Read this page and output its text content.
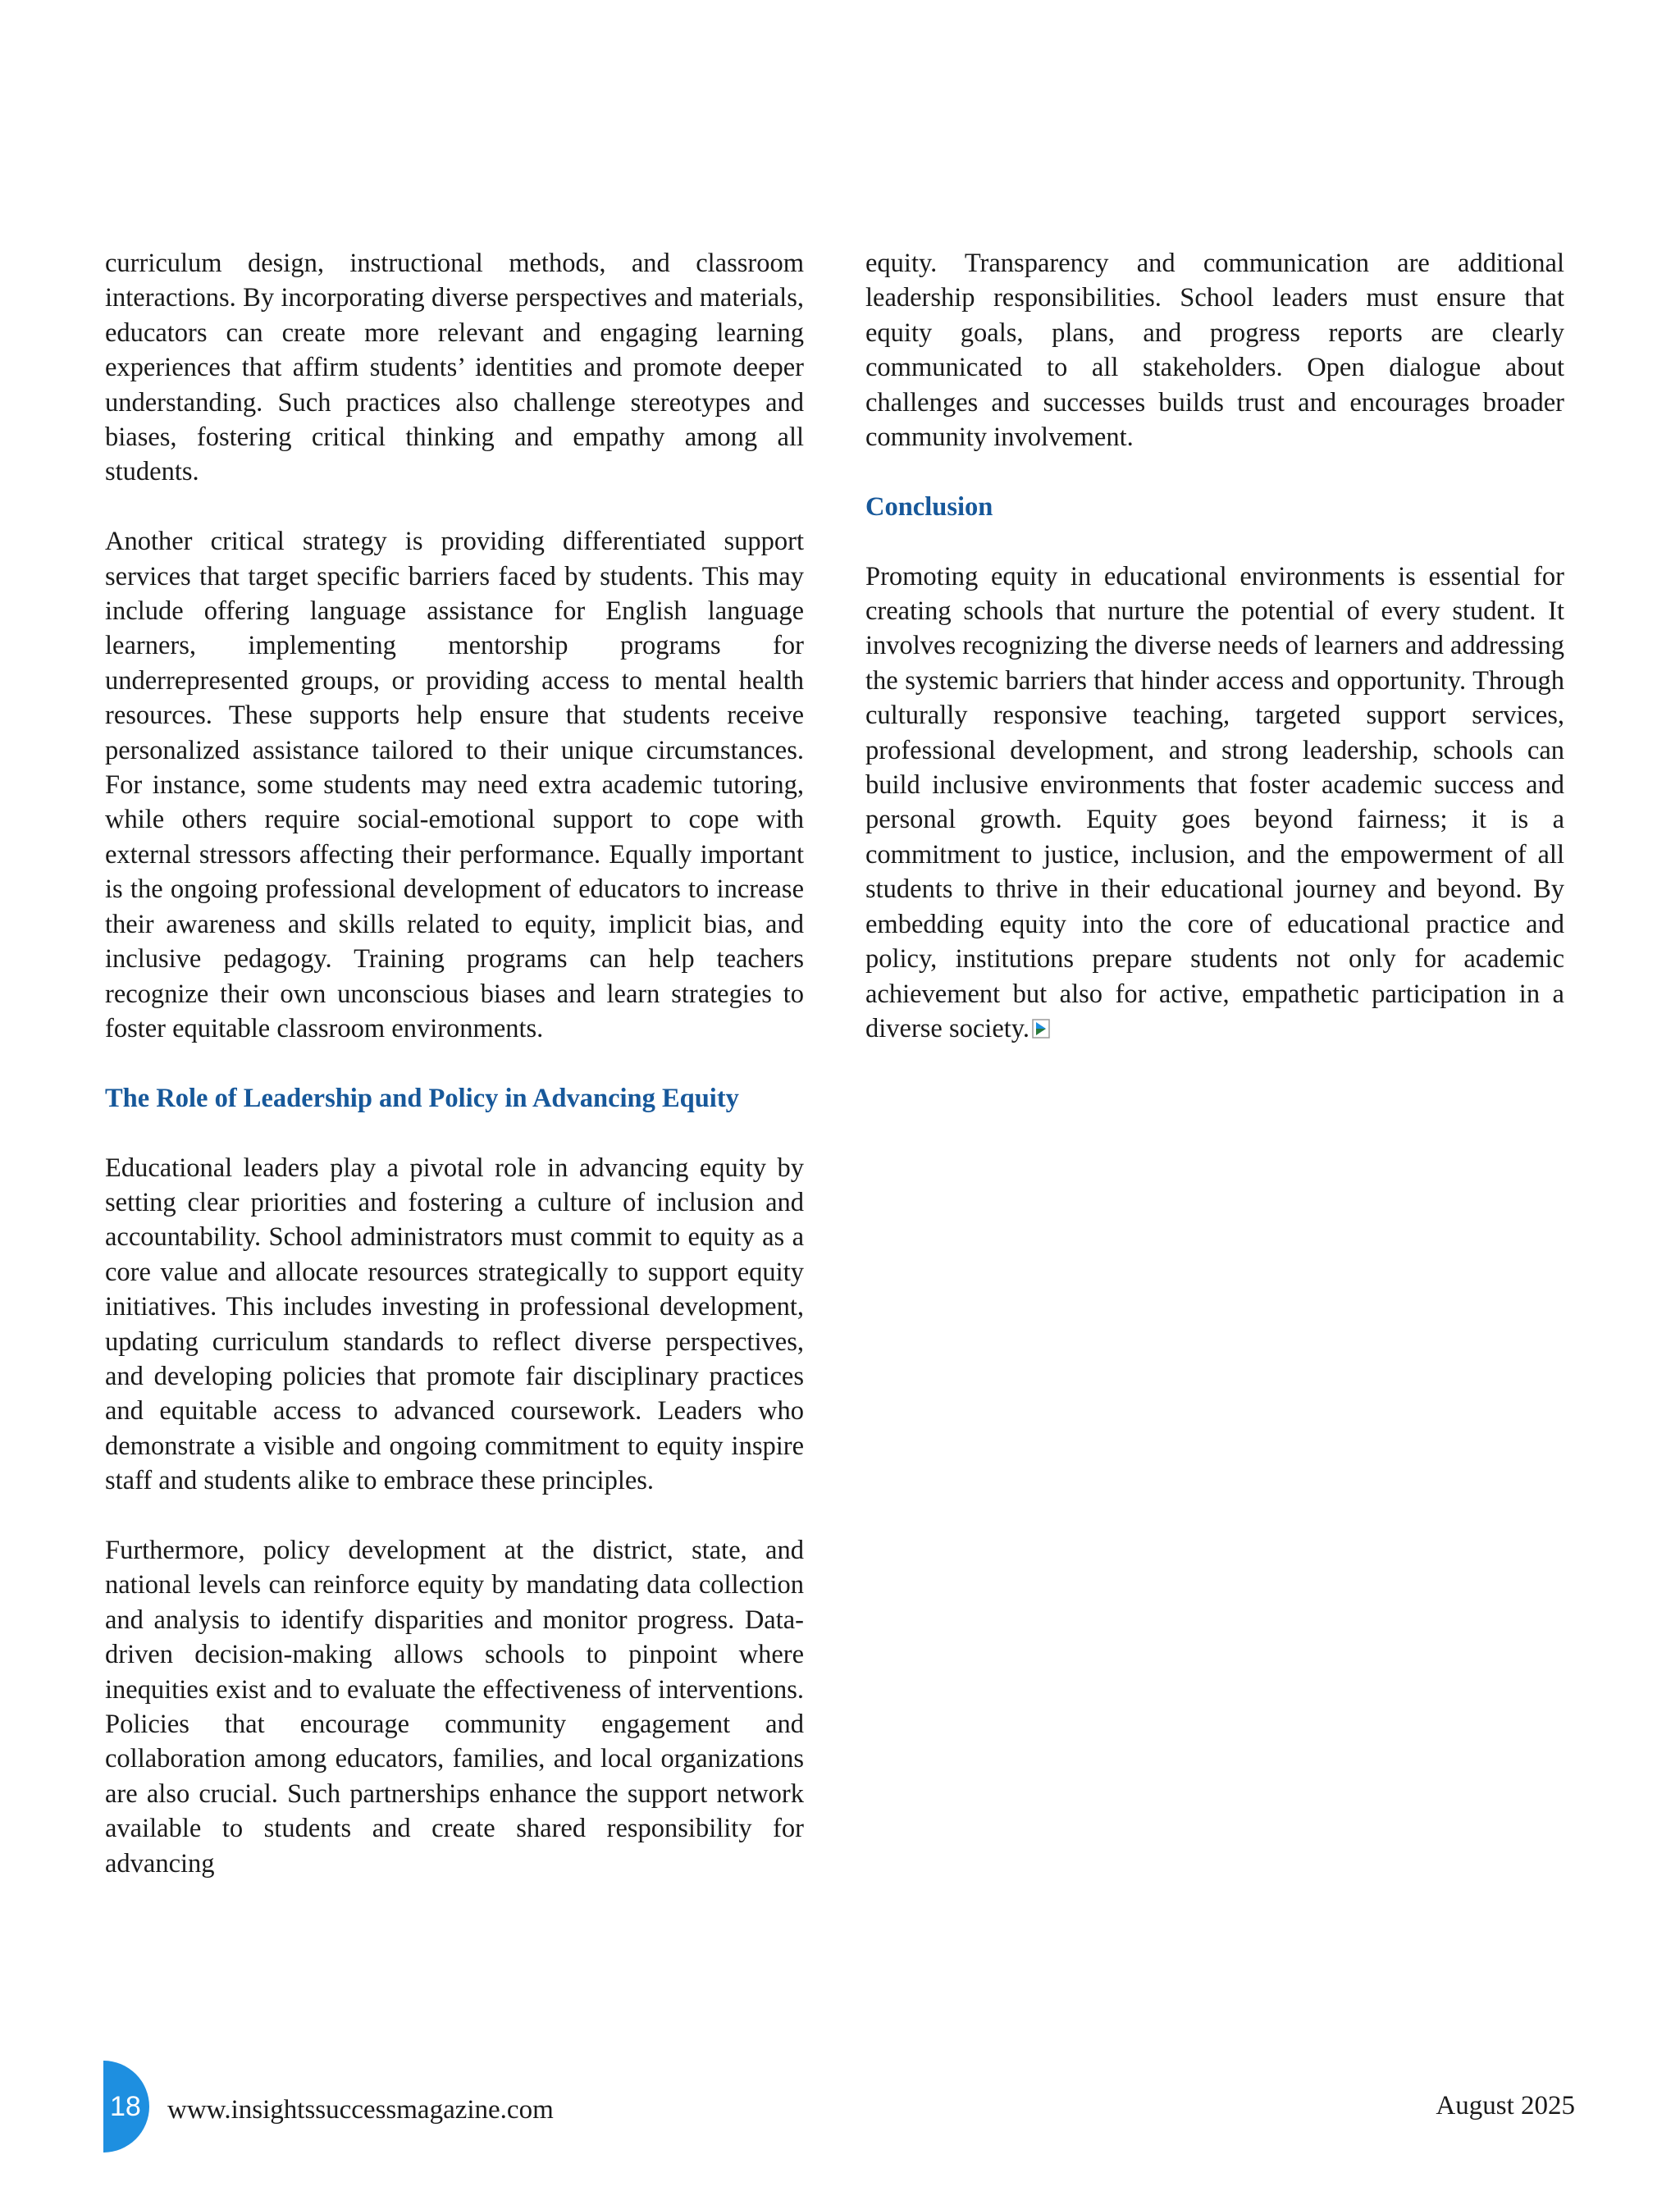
curriculum design, instructional methods, and classroom interactions. By incorporating diverse perspectives and materials, educators can create more relevant and engaging learning experiences that affirm students’ identities and promote deeper understanding. Such practices also challenge stereotypes and biases, fostering critical thinking and empathy among all students.

Another critical strategy is providing differentiated support services that target specific barriers faced by students. This may include offering language assistance for English language learners, implementing mentorship programs for underrepresented groups, or providing access to mental health resources. These supports help ensure that students receive personalized assistance tailored to their unique circumstances. For instance, some students may need extra academic tutoring, while others require social-emotional support to cope with external stressors affecting their performance. Equally important is the ongoing professional development of educators to increase their awareness and skills related to equity, implicit bias, and inclusive pedagogy. Training programs can help teachers recognize their own unconscious biases and learn strategies to foster equitable classroom environments.

The Role of Leadership and Policy in Advancing Equity

Educational leaders play a pivotal role in advancing equity by setting clear priorities and fostering a culture of inclusion and accountability. School administrators must commit to equity as a core value and allocate resources strategically to support equity initiatives. This includes investing in professional development, updating curriculum standards to reflect diverse perspectives, and developing policies that promote fair disciplinary practices and equitable access to advanced coursework. Leaders who demonstrate a visible and ongoing commitment to equity inspire staff and students alike to embrace these principles.

Furthermore, policy development at the district, state, and national levels can reinforce equity by mandating data collection and analysis to identify disparities and monitor progress. Data-driven decision-making allows schools to pinpoint where inequities exist and to evaluate the effectiveness of interventions. Policies that encourage community engagement and collaboration among educators, families, and local organizations are also crucial. Such partnerships enhance the support network available to students and create shared responsibility for advancing

equity. Transparency and communication are additional leadership responsibilities. School leaders must ensure that equity goals, plans, and progress reports are clearly communicated to all stakeholders. Open dialogue about challenges and successes builds trust and encourages broader community involvement.

Conclusion

Promoting equity in educational environments is essential for creating schools that nurture the potential of every student. It involves recognizing the diverse needs of learners and addressing the systemic barriers that hinder access and opportunity. Through culturally responsive teaching, targeted support services, professional development, and strong leadership, schools can build inclusive environments that foster academic success and personal growth. Equity goes beyond fairness; it is a commitment to justice, inclusion, and the empowerment of all students to thrive in their educational journey and beyond. By embedding equity into the core of educational practice and policy, institutions prepare students not only for academic achievement but also for active, empathetic participation in a diverse society.

18 www.insightssuccessmagazine.com	August 2025
